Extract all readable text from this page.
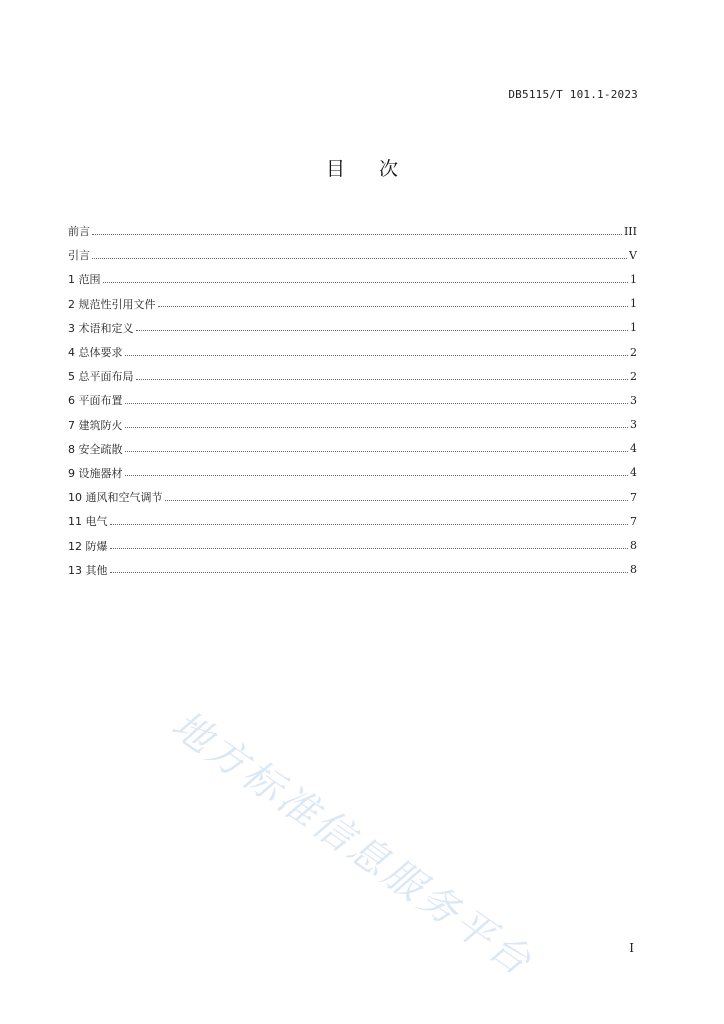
DB5115/T 101.1-2023
目 次
前言	III
引言	V
1 范围	1
2 规范性引用文件	1
3 术语和定义	1
4 总体要求	2
5 总平面布局	2
6 平面布置	3
7 建筑防火	3
8 安全疏散	4
9 设施器材	4
10 通风和空气调节	7
11 电气	7
12 防爆	8
13 其他	8
地方标准信息服务平台	I
